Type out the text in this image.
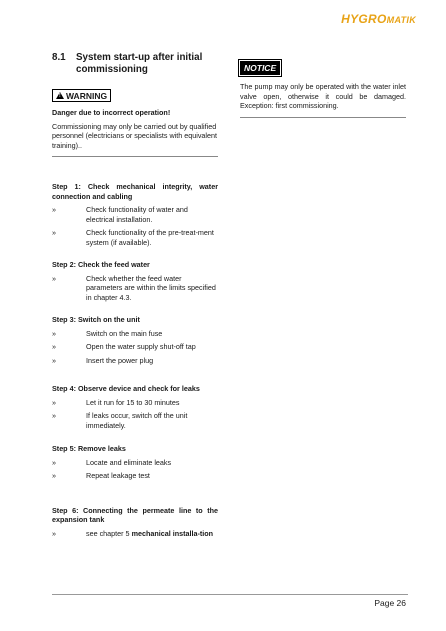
HYGROMATIK
8.1	System start-up after initial commissioning
!
WARNING
Danger due to incorrect operation!
Commissioning may only be carried out by qualified personnel (electricians or specialists with equivalent training)..
Step 1: Check mechanical integrity, water connection and cabling
»	Check functionality of water and electrical installation.
»	Check functionality of the pre-treat-ment system (if available).
Step 2: Check the feed water
»	Check whether the feed water parameters are within the limits specified in chapter 4.3.
Step 3: Switch on the unit
»	Switch on the main fuse
»	Open the water supply shut-off tap
»	Insert the power plug
Step 4: Observe device and check for leaks
»	Let it run for 15 to 30 minutes
»	If leaks occur, switch off the unit immediately.
Step 5: Remove leaks
»	Locate and eliminate leaks
»	Repeat leakage test
Step 6: Connecting the permeate line to the expansion tank
»	see chapter 5 mechanical installa-tion
NOTICE
The pump may only be operated with the water inlet valve open, otherwise it could be damaged. Exception: first commissioning.
Page 26
